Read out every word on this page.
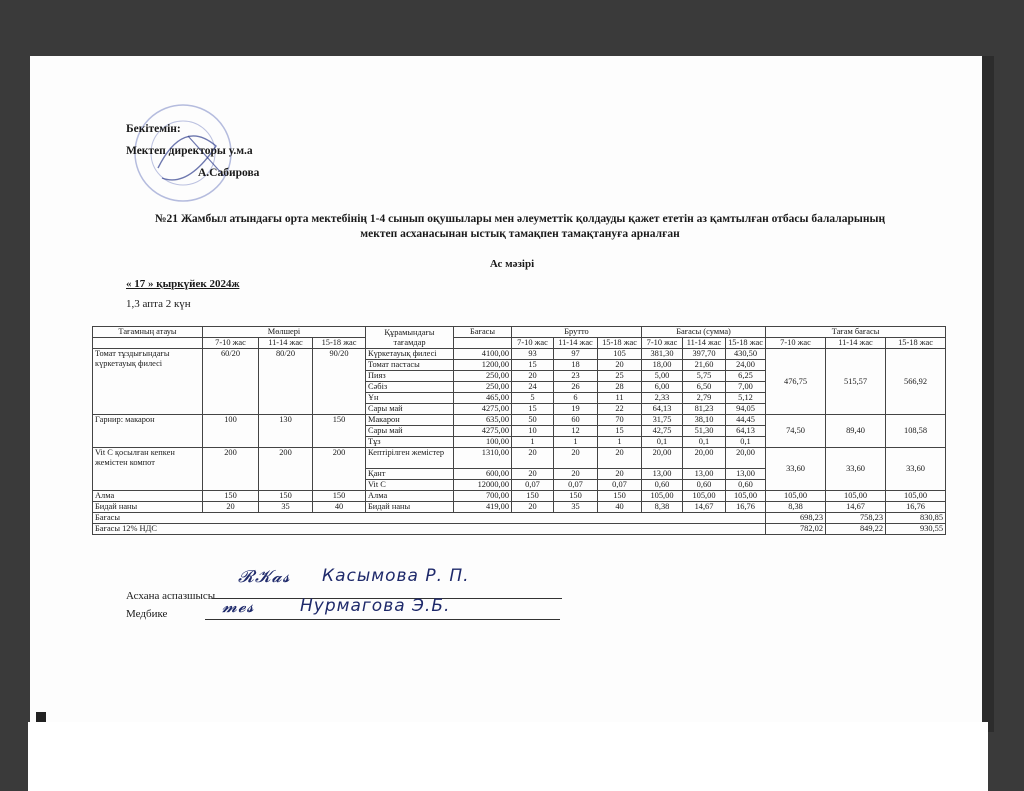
Бекітемін:
Мектеп директоры у.м.а
А.Сабирова
№21 Жамбыл атындағы орта мектебінің 1-4 сынып оқушылары мен әлеуметтік қолдауды қажет ететін аз қамтылған отбасы балаларының
мектеп асханасынан ыстық тамақпен тамақтануға арналған
Ас мәзірі
« 17 » қыркүйек 2024ж
1,3 апта 2 күн
Тағамның атауы	Мөлшері			Құрамындағы тағамдар	Бағасы	Брутто			Бағасы (сумма)			Тағам бағасы		
	7-10 жас	11-14 жас	15-18 жас			7-10 жас	11-14 жас	15-18 жас	7-10 жас	11-14 жас	15-18 жас	7-10 жас	11-14 жас	15-18 жас
Томат тұздығындағы күркетауық филесі	60/20	80/20	90/20	Күркетауық филесі	4100,00	93	97	105	381,30	397,70	430,50	476,75	515,57	566,92
				Томат пастасы	1200,00	15	18	20	18,00	21,60	24,00			
				Пияз	250,00	20	23	25	5,00	5,75	6,25			
				Сәбіз	250,00	24	26	28	6,00	6,50	7,00			
				Ұн	465,00	5	6	11	2,33	2,79	5,12			
				Сары май	4275,00	15	19	22	64,13	81,23	94,05			
Гарнир: макарон	100	130	150	Макарон	635,00	50	60	70	31,75	38,10	44,45	74,50	89,40	108,58
				Сары май	4275,00	10	12	15	42,75	51,30	64,13			
				Тұз	100,00	1	1	1	0,1	0,1	0,1			
Vit C қосылған кепкен жемістен компот	200	200	200	Кептірілген жемістер	1310,00	20	20	20	20,00	20,00	20,00	33,60	33,60	33,60
				Қант	600,00	20	20	20	13,00	13,00	13,00			
				Vit C	12000,00	0,07	0,07	0,07	0,60	0,60	0,60			
Алма	150	150	150	Алма	700,00	150	150	150	105,00	105,00	105,00	105,00	105,00	105,00
Бидай наны	20	35	40	Бидай наны	419,00	20	35	40	8,38	14,67	16,76	8,38	14,67	16,76
Бағасы												698,23	758,23	830,85
Бағасы 12% НДС												782,02	849,22	930,55
Асхана аспазшысы
𝓡𝓚𝓪𝓼 Касымова Р. П.
Медбике	𝓶𝓮𝓼	Нурмагова Э.Б.
